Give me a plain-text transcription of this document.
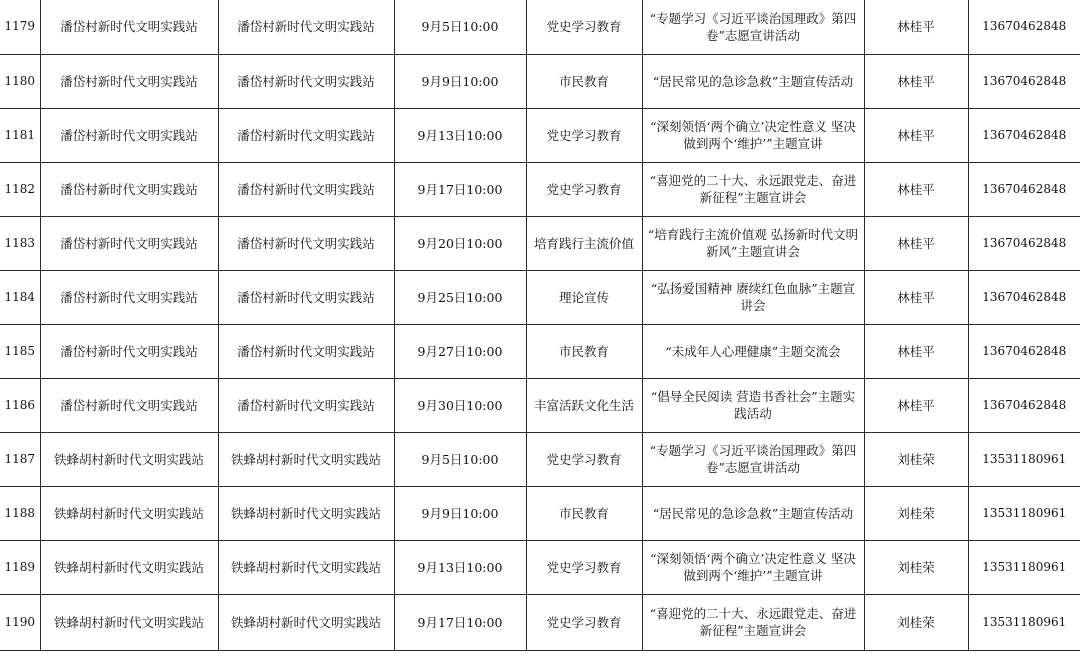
1179	潘岱村新时代文明实践站	潘岱村新时代文明实践站	9月5日10:00	党史学习教育	“专题学习《习近平谈治国理政》第四卷”志愿宣讲活动	林桂平	13670462848
1180	潘岱村新时代文明实践站	潘岱村新时代文明实践站	9月9日10:00	市民教育	“居民常见的急诊急救”主题宣传活动	林桂平	13670462848
1181	潘岱村新时代文明实践站	潘岱村新时代文明实践站	9月13日10:00	党史学习教育	“深刻领悟‘两个确立’决定性意义 坚决做到两个‘维护’”主题宣讲	林桂平	13670462848
1182	潘岱村新时代文明实践站	潘岱村新时代文明实践站	9月17日10:00	党史学习教育	“喜迎党的二十大、永远跟党走、奋进新征程”主题宣讲会	林桂平	13670462848
1183	潘岱村新时代文明实践站	潘岱村新时代文明实践站	9月20日10:00	培育践行主流价值	“培育践行主流价值观 弘扬新时代文明新风”主题宣讲会	林桂平	13670462848
1184	潘岱村新时代文明实践站	潘岱村新时代文明实践站	9月25日10:00	理论宣传	“弘扬爱国精神 赓续红色血脉”主题宣讲会	林桂平	13670462848
1185	潘岱村新时代文明实践站	潘岱村新时代文明实践站	9月27日10:00	市民教育	“未成年人心理健康”主题交流会	林桂平	13670462848
1186	潘岱村新时代文明实践站	潘岱村新时代文明实践站	9月30日10:00	丰富活跃文化生活	“倡导全民阅读 营造书香社会”主题实践活动	林桂平	13670462848
1187	铁蜂胡村新时代文明实践站	铁蜂胡村新时代文明实践站	9月5日10:00	党史学习教育	“专题学习《习近平谈治国理政》第四卷”志愿宣讲活动	刘桂荣	13531180961
1188	铁蜂胡村新时代文明实践站	铁蜂胡村新时代文明实践站	9月9日10:00	市民教育	“居民常见的急诊急救”主题宣传活动	刘桂荣	13531180961
1189	铁蜂胡村新时代文明实践站	铁蜂胡村新时代文明实践站	9月13日10:00	党史学习教育	“深刻领悟‘两个确立’决定性意义 坚决做到两个‘维护’”主题宣讲	刘桂荣	13531180961
1190	铁蜂胡村新时代文明实践站	铁蜂胡村新时代文明实践站	9月17日10:00	党史学习教育	“喜迎党的二十大、永远跟党走、奋进新征程”主题宣讲会	刘桂荣	13531180961
